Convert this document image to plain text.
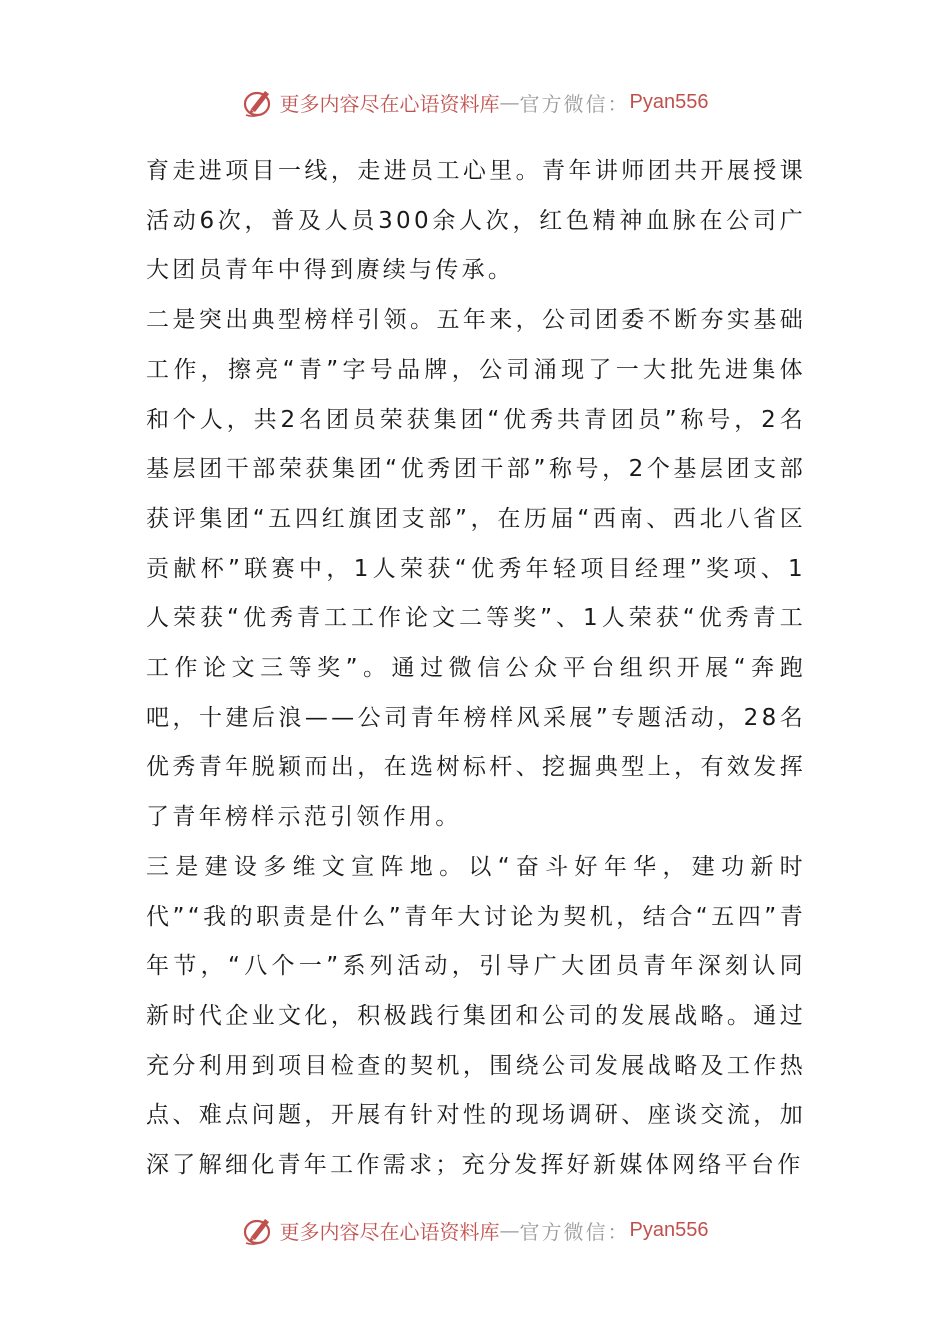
更多内容尽在心语资料库 — 官方微信： Pyan556

育走进项目一线，走进员工心里。青年讲师团共开展授课活动6次，普及人员300余人次，红色精神血脉在公司广大团员青年中得到赓续与传承。

二是突出典型榜样引领。五年来，公司团委不断夯实基础工作，擦亮“青”字号品牌，公司涌现了一大批先进集体和个人，共2名团员荣获集团“优秀共青团员”称号，2名基层团干部荣获集团“优秀团干部”称号，2个基层团支部获评集团“五四红旗团支部”，在历届“西南、西北八省区贡献杯”联赛中，1人荣获“优秀年轻项目经理”奖项、1人荣获“优秀青工工作论文二等奖”、1人荣获“优秀青工工作论文三等奖”。通过微信公众平台组织开展“奔跑吧，十建后浪——公司青年榜样风采展”专题活动，28名优秀青年脱颖而出，在选树标杆、挖掘典型上，有效发挥了青年榜样示范引领作用。

三是建设多维文宣阵地。以“奋斗好年华，建功新时代”“我的职责是什么”青年大讨论为契机，结合“五四”青年节，“八个一”系列活动，引导广大团员青年深刻认同新时代企业文化，积极践行集团和公司的发展战略。通过充分利用到项目检查的契机，围绕公司发展战略及工作热点、难点问题，开展有针对性的现场调研、座谈交流，加深了解细化青年工作需求；充分发挥好新媒体网络平台作

更多内容尽在心语资料库 — 官方微信： Pyan556
